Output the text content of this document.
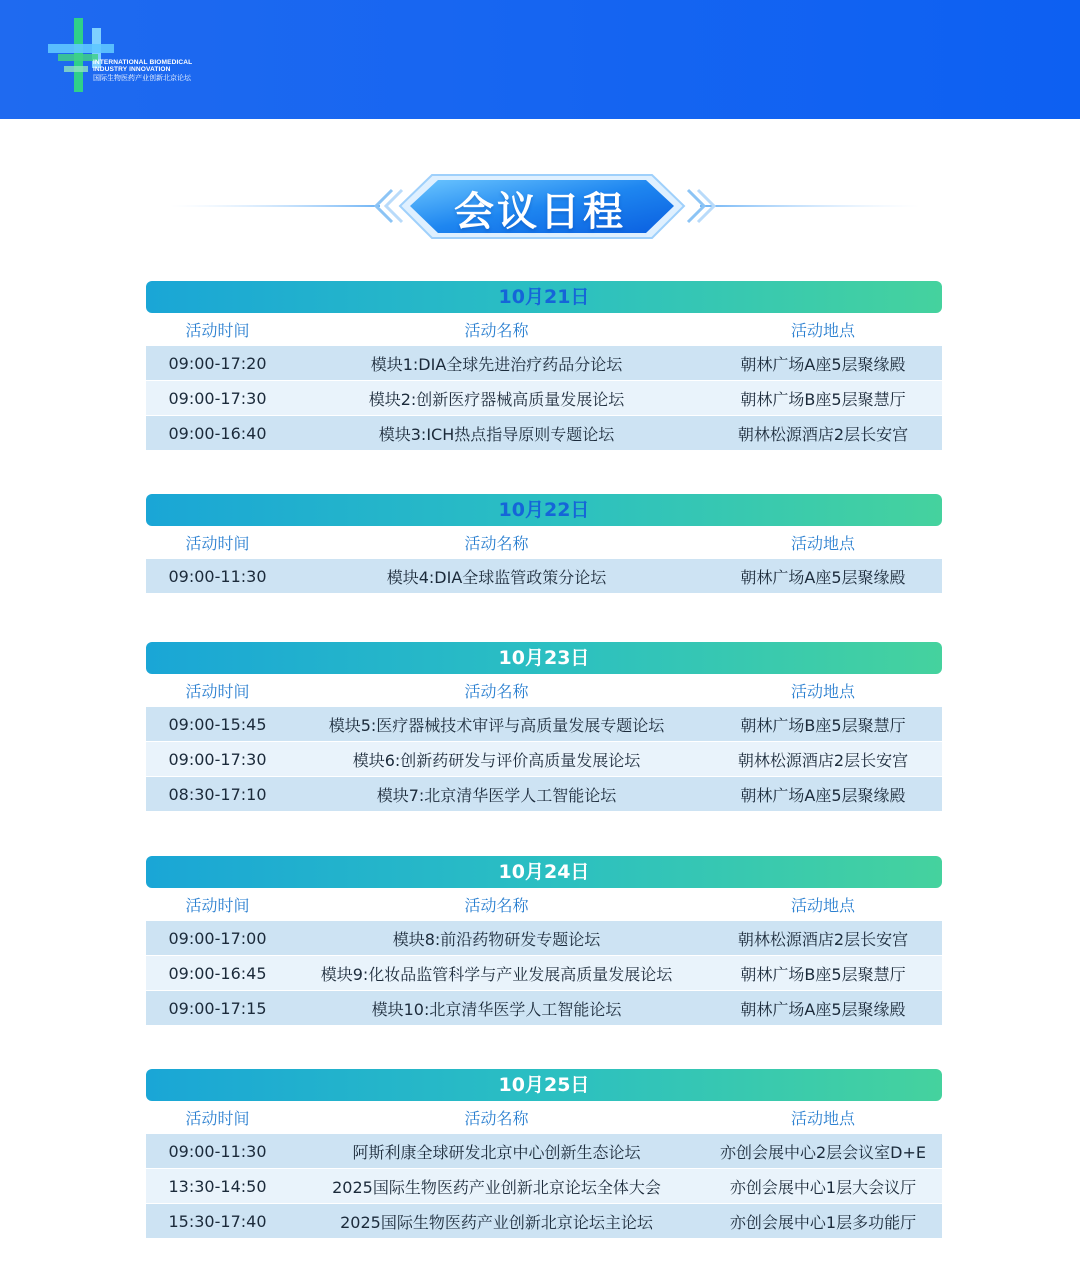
INTERNATIONAL BIOMEDICAL
INDUSTRY INNOVATION
国际生物医药产业创新北京论坛
会议日程
10月21日
活动时间	活动名称	活动地点
09:00-17:20	模块1:DIA全球先进治疗药品分论坛	朝林广场A座5层聚缘殿
09:00-17:30	模块2:创新医疗器械高质量发展论坛	朝林广场B座5层聚慧厅
09:00-16:40	模块3:ICH热点指导原则专题论坛	朝林松源酒店2层长安宫
10月22日
活动时间	活动名称	活动地点
09:00-11:30	模块4:DIA全球监管政策分论坛	朝林广场A座5层聚缘殿
10月23日
活动时间	活动名称	活动地点
09:00-15:45	模块5:医疗器械技术审评与高质量发展专题论坛	朝林广场B座5层聚慧厅
09:00-17:30	模块6:创新药研发与评价高质量发展论坛	朝林松源酒店2层长安宫
08:30-17:10	模块7:北京清华医学人工智能论坛	朝林广场A座5层聚缘殿
10月24日
活动时间	活动名称	活动地点
09:00-17:00	模块8:前沿药物研发专题论坛	朝林松源酒店2层长安宫
09:00-16:45	模块9:化妆品监管科学与产业发展高质量发展论坛	朝林广场B座5层聚慧厅
09:00-17:15	模块10:北京清华医学人工智能论坛	朝林广场A座5层聚缘殿
10月25日
活动时间	活动名称	活动地点
09:00-11:30	阿斯利康全球研发北京中心创新生态论坛	亦创会展中心2层会议室D+E
13:30-14:50	2025国际生物医药产业创新北京论坛全体大会	亦创会展中心1层大会议厅
15:30-17:40	2025国际生物医药产业创新北京论坛主论坛	亦创会展中心1层多功能厅
